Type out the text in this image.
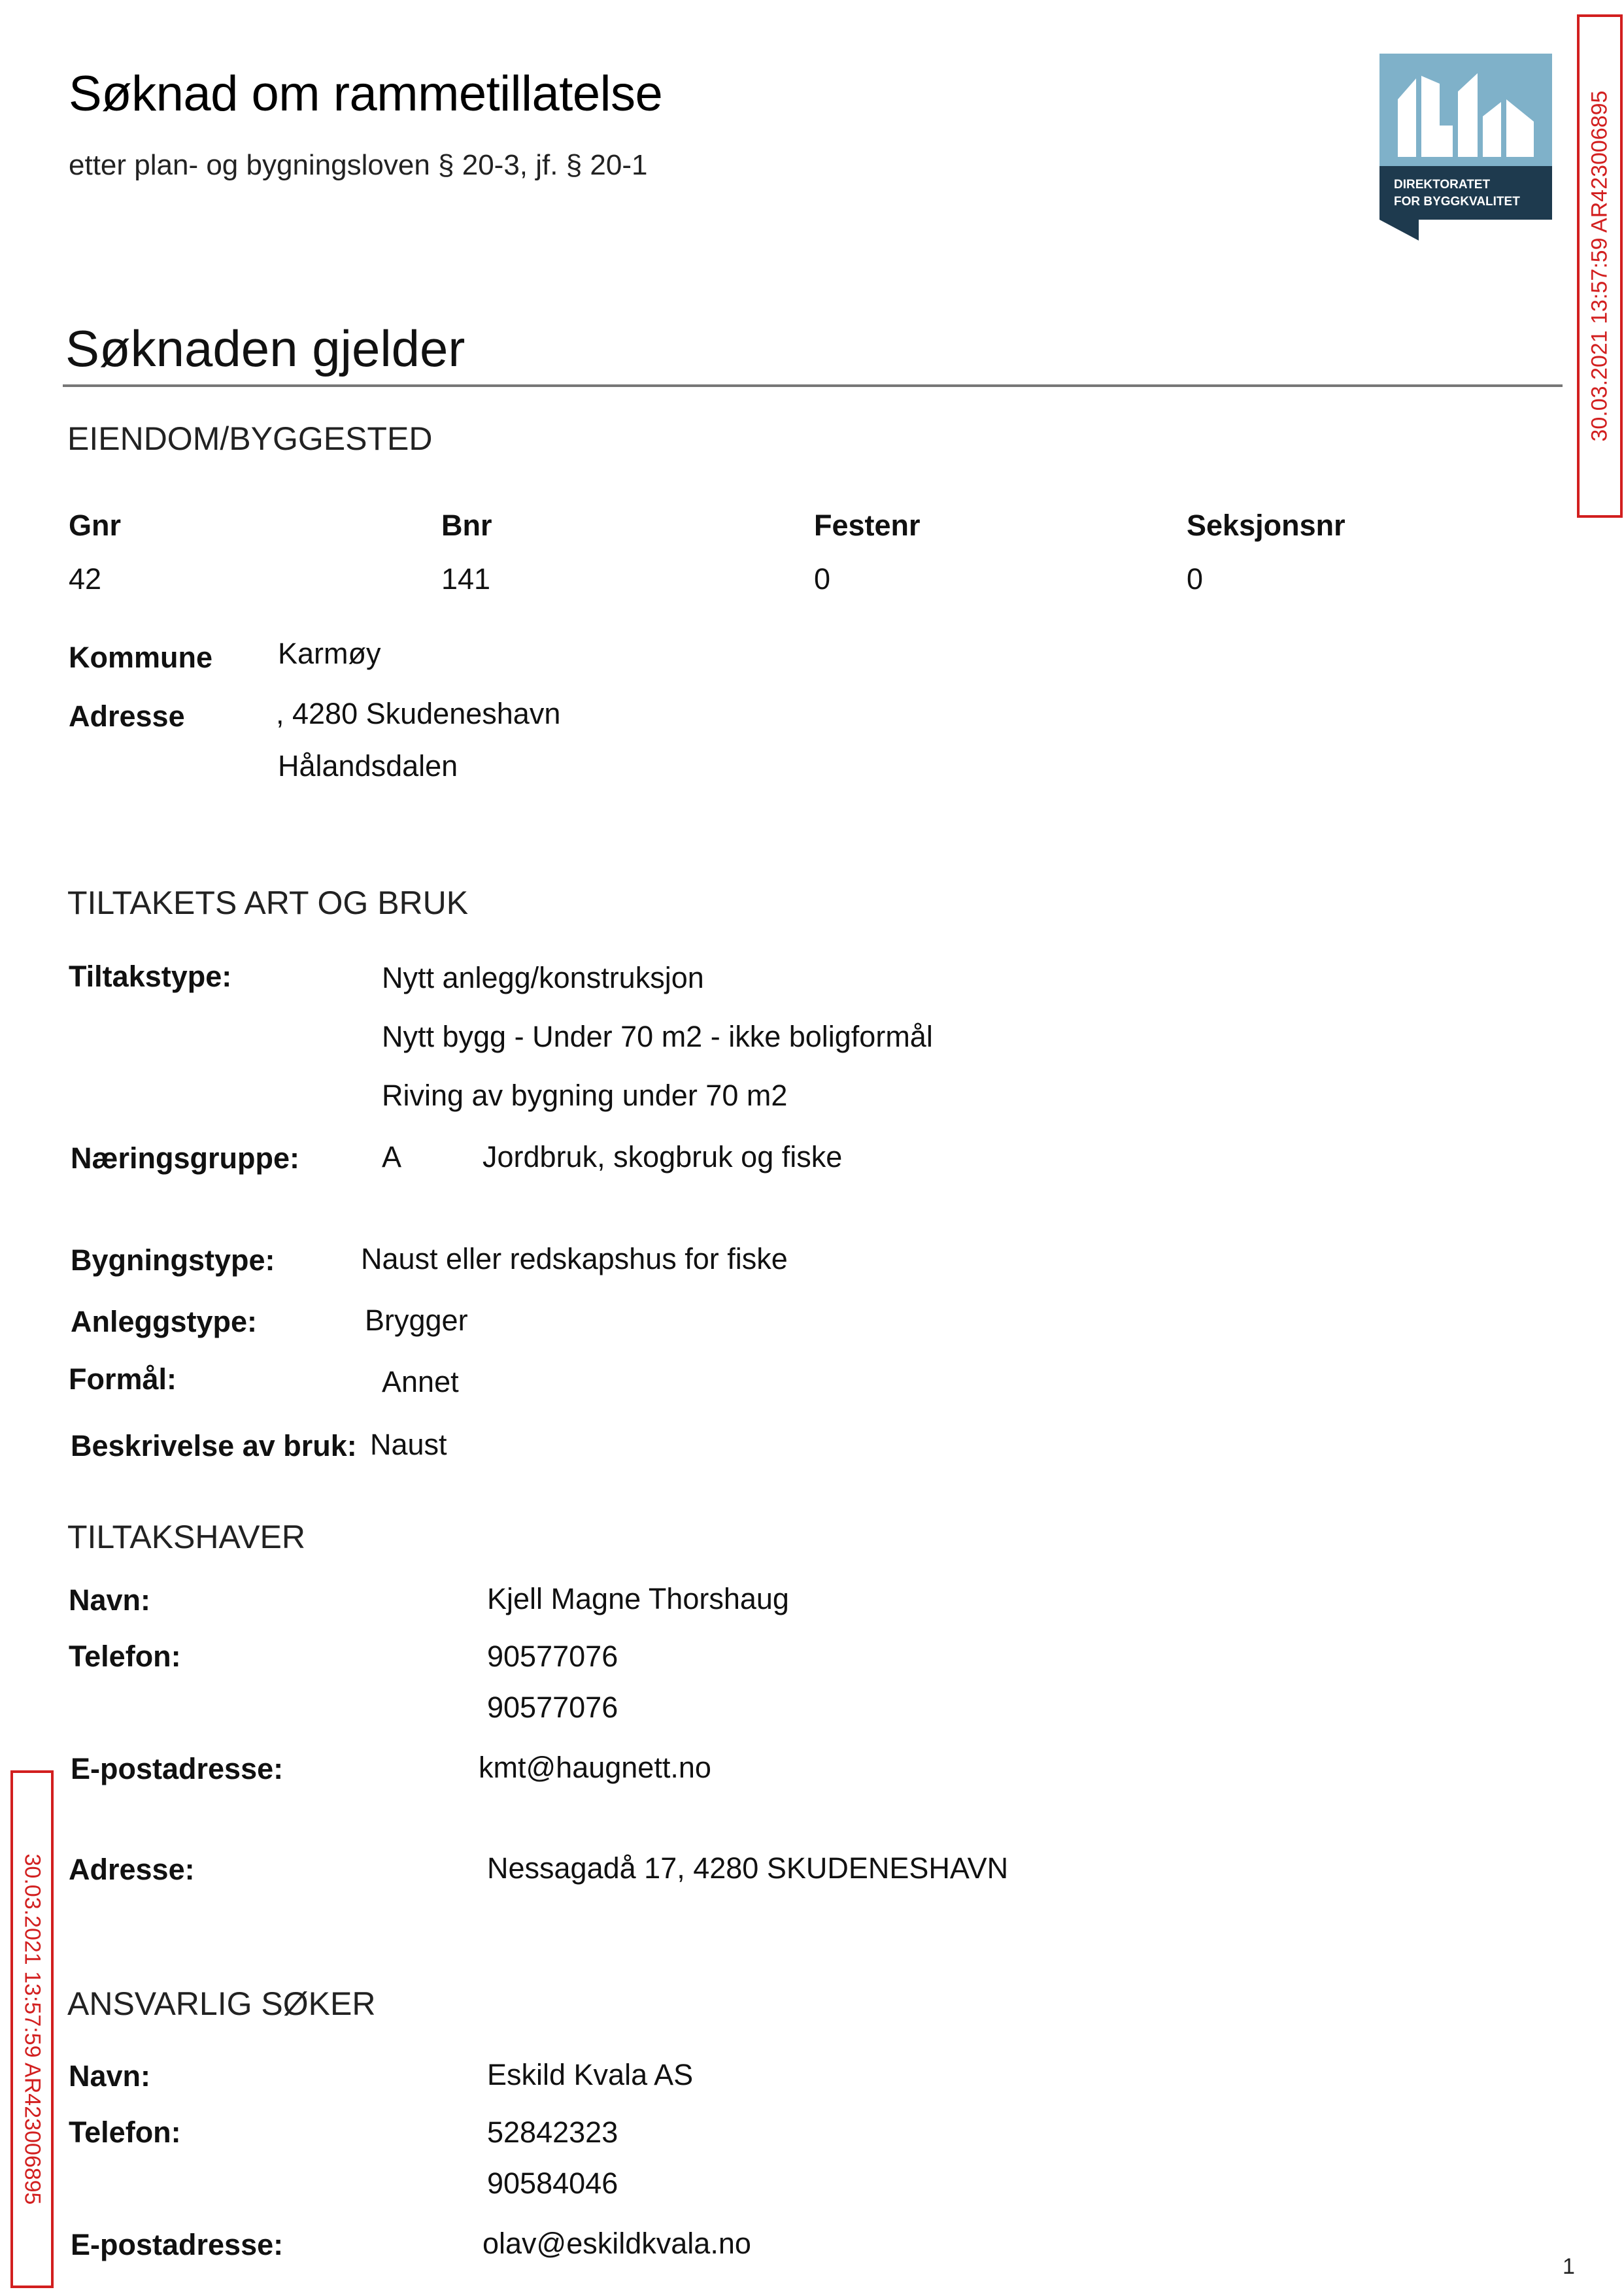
Søknad om rammetillatelse
etter plan- og bygningsloven § 20-3, jf. § 20-1
DIREKTORATET
FOR BYGGKVALITET	30.03.2021 13:57:59 AR423006895
30.03.2021 13:57:59 AR423006895
Søknaden gjelder
EIENDOM/BYGGESTED
Gnr
42
Bnr
141
Festenr
0
Seksjonsnr
0
Kommune Karmøy
Adresse	, 4280 Skudeneshavn
Hålandsdalen
TILTAKETS ART OG BRUK
Tiltakstype:	Nytt anlegg/konstruksjon
Nytt bygg - Under 70 m2 - ikke boligformål
Riving av bygning under 70 m2
Næringsgruppe:	A	Jordbruk, skogbruk og fiske
Bygningstype:	Naust eller redskapshus for fiske
Anleggstype:	Brygger
Formål:	Annet
Beskrivelse av bruk: Naust
TILTAKSHAVER
Navn:	Kjell Magne Thorshaug
Telefon:	90577076
90577076
E-postadresse:	kmt@haugnett.no
Adresse:	Nessagadå 17, 4280 SKUDENESHAVN
ANSVARLIG SØKER
Navn:	Eskild Kvala AS
Telefon:	52842323
90584046
E-postadresse:	olav@eskildkvala.no
1
